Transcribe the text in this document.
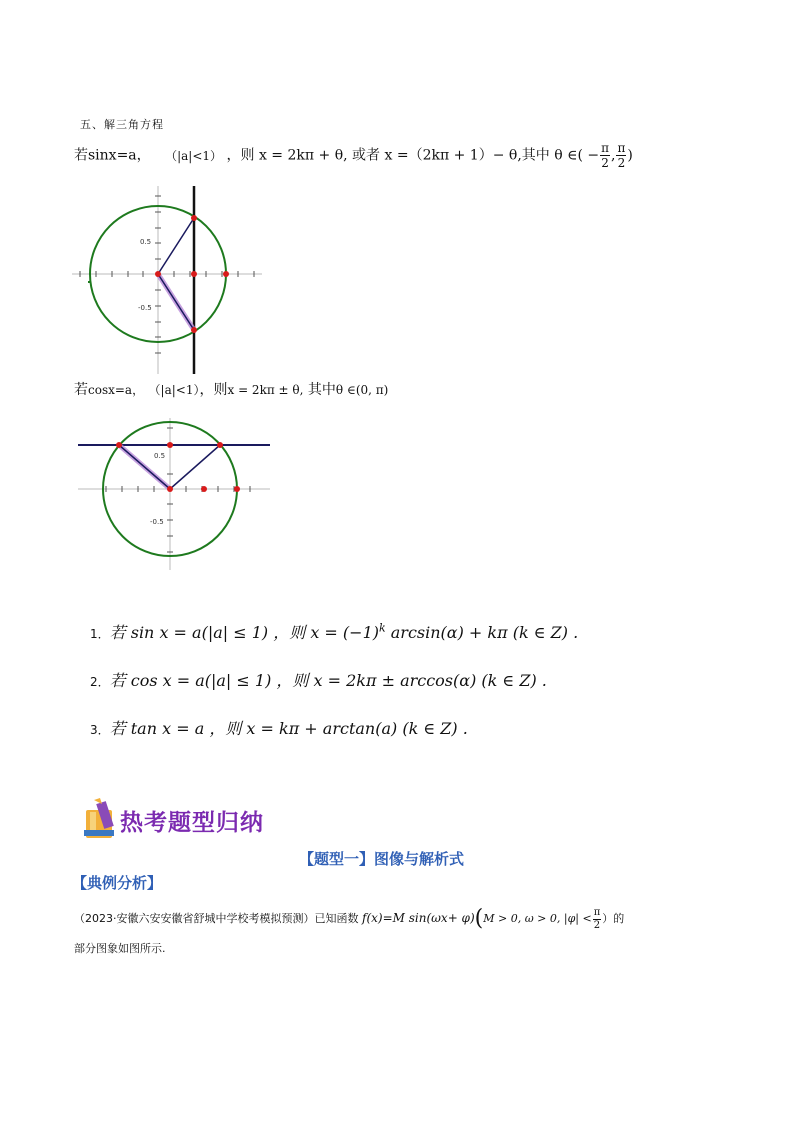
五、解三角方程
若sinx=a， （|a|<1） ，则 x = 2kπ + θ, 或者 x =（2kπ + 1）− θ,其中 θ ∈( − $\frac{\pi}{2}$ , $\frac{\pi}{2}$ )
0.5
-0.5
若cosx=a， （|a|<1），则x = 2kπ ± θ, 其中θ ∈(0, π)
0.5
-0.5
1．若 sin x = a(|a| ≤ 1) ，则 $x = (-1)^k$ arcsin(α) + kπ (k ∈ Z) .
2．若 cos x = a(|a| ≤ 1) ，则 x = 2kπ ± arccos(α) (k ∈ Z) .
3．若 tan x = a ，则 x = kπ + arctan(a) (k ∈ Z) .
热考题型归纳
【题型一】图像与解析式
【典例分析】
（2023·安徽六安安徽省舒城中学校考模拟预测）已知函数 f(x)=M sin(ωx+ φ)(M > 0, ω > 0, $|\varphi| < \frac{\pi}{2}$ ）的
部分图象如图所示.
